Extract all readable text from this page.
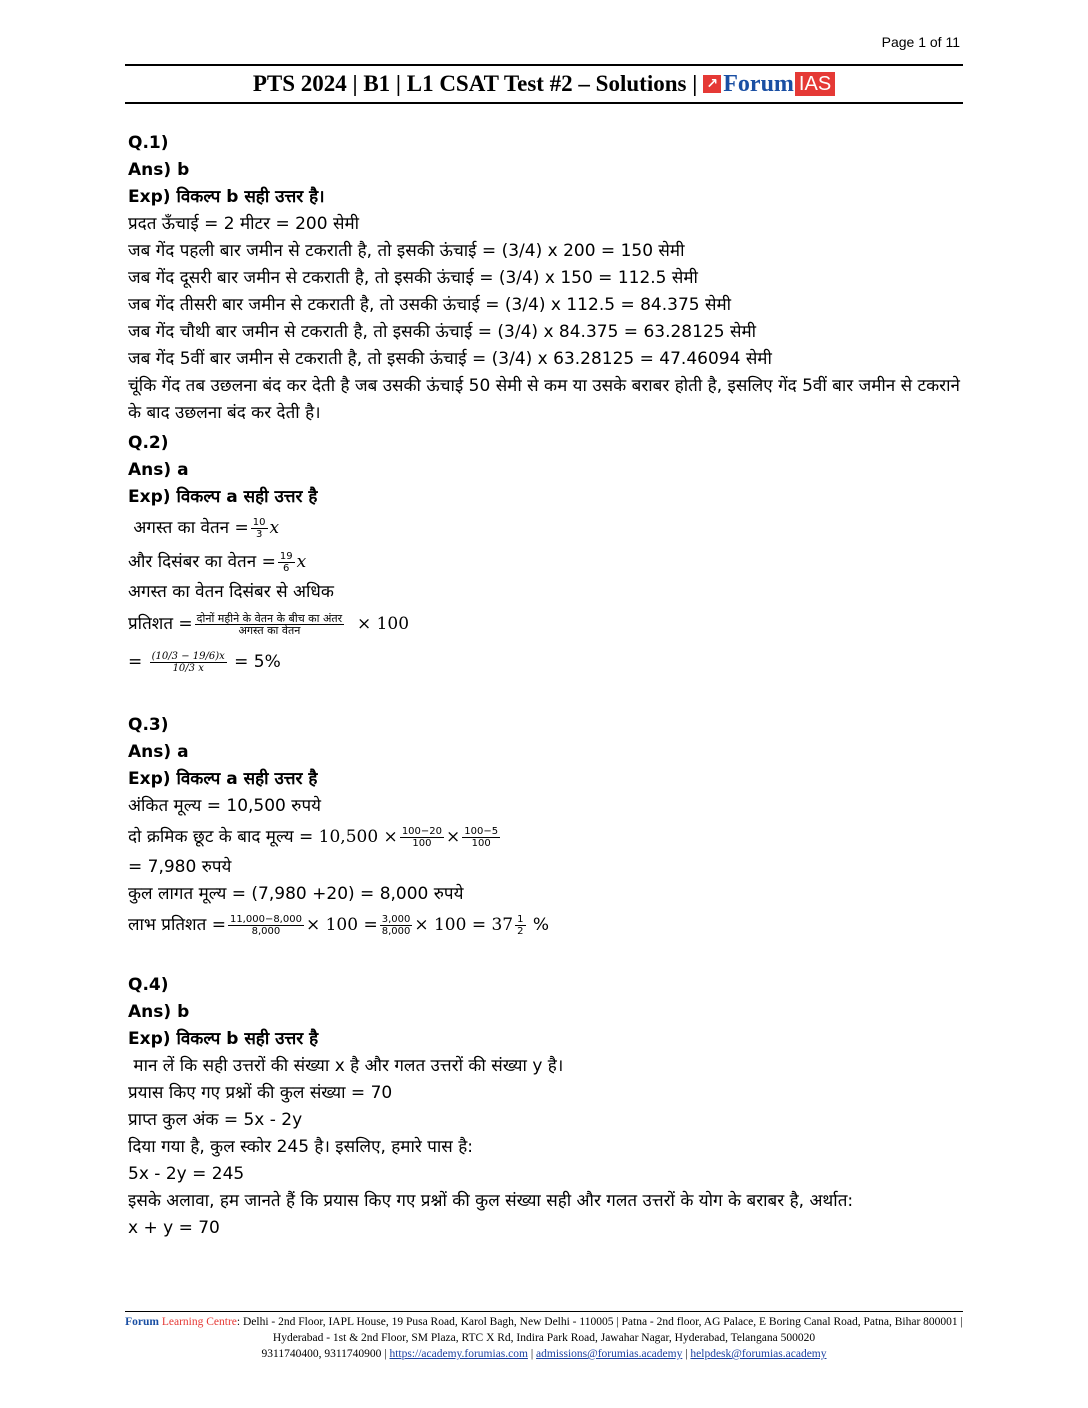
Page 1 of 11
PTS 2024 | B1 | L1 CSAT Test #2 – Solutions | ↗ Forum IAS
Q.1)
Ans) b
Exp) विकल्प b सही उत्तर है।
प्रदत ऊँचाई = 2 मीटर = 200 सेमी
जब गेंद पहली बार जमीन से टकराती है, तो इसकी ऊंचाई = (3/4) x 200 = 150 सेमी
जब गेंद दूसरी बार जमीन से टकराती है, तो इसकी ऊंचाई = (3/4) x 150 = 112.5 सेमी
जब गेंद तीसरी बार जमीन से टकराती है, तो उसकी ऊंचाई = (3/4) x 112.5 = 84.375 सेमी
जब गेंद चौथी बार जमीन से टकराती है, तो इसकी ऊंचाई = (3/4) x 84.375 = 63.28125 सेमी
जब गेंद 5वीं बार जमीन से टकराती है, तो इसकी ऊंचाई = (3/4) x 63.28125 = 47.46094 सेमी
चूंकि गेंद तब उछलना बंद कर देती है जब उसकी ऊंचाई 50 सेमी से कम या उसके बराबर होती है, इसलिए गेंद 5वीं बार जमीन से टकराने के बाद उछलना बंद कर देती है।
Q.2)
Ans) a
Exp) विकल्प a सही उत्तर है
अगस्त का वेतन = $\frac{10}{3}$ x
और दिसंबर का वेतन = $\frac{19}{6}$ x
अगस्त का वेतन दिसंबर से अधिक
प्रतिशत = $\frac{\text{दोनों महीने के वेतन के बीच का अंतर}}{\text{अगस्त का वेतन}} \times 100$
= $\frac{(10/3 - 19/6)x}{10/3 x} = 5\%$
Q.3)
Ans) a
Exp) विकल्प a सही उत्तर है
अंकित मूल्य = 10,500 रुपये
दो क्रमिक छूट के बाद मूल्य = $10,500 \times \frac{100-20}{100} \times \frac{100-5}{100}$
= 7,980 रुपये
कुल लागत मूल्य = (7,980 +20) = 8,000 रुपये
लाभ प्रतिशत = $\frac{11,000-8,000}{8,000} \times 100 = \frac{3,000}{8,000} \times 100 = 37 \frac{1}{2}$ %
Q.4)
Ans) b
Exp) विकल्प b सही उत्तर है
मान लें कि सही उत्तरों की संख्या x है और गलत उत्तरों की संख्या y है।
प्रयास किए गए प्रश्नों की कुल संख्या = 70
प्राप्त कुल अंक = 5x - 2y
दिया गया है, कुल स्कोर 245 है। इसलिए, हमारे पास है:
5x - 2y = 245
इसके अलावा, हम जानते हैं कि प्रयास किए गए प्रश्नों की कुल संख्या सही और गलत उत्तरों के योग के बराबर है, अर्थात:
x + y = 70
Forum Learning Centre: Delhi - 2nd Floor, IAPL House, 19 Pusa Road, Karol Bagh, New Delhi - 110005 | Patna - 2nd floor, AG Palace, E Boring Canal Road, Patna, Bihar 800001 | Hyderabad - 1st & 2nd Floor, SM Plaza, RTC X Rd, Indira Park Road, Jawahar Nagar, Hyderabad, Telangana 500020
9311740400, 9311740900 | https://academy.forumias.com | admissions@forumias.academy | helpdesk@forumias.academy
